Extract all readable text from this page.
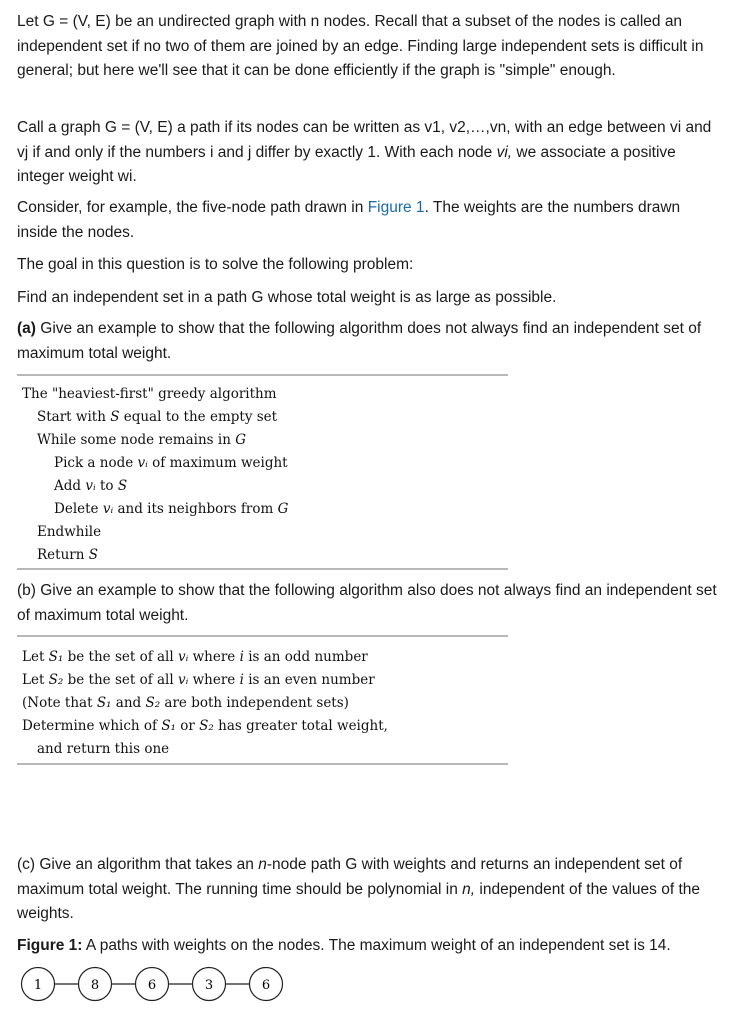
Let G = (V, E) be an undirected graph with n nodes. Recall that a subset of the nodes is called an independent set if no two of them are joined by an edge. Finding large independent sets is difficult in general; but here we'll see that it can be done efficiently if the graph is "simple" enough.

Call a graph G = (V, E) a path if its nodes can be written as v1, v2,…,vn, with an edge between vi and vj if and only if the numbers i and j differ by exactly 1. With each node vi, we associate a positive integer weight wi.

Consider, for example, the five-node path drawn in Figure 1. The weights are the numbers drawn inside the nodes.

The goal in this question is to solve the following problem:

Find an independent set in a path G whose total weight is as large as possible.

(a) Give an example to show that the following algorithm does not always find an independent set of maximum total weight.

The "heaviest-first" greedy algorithm
Start with S equal to the empty set
While some node remains in G
Pick a node vᵢ of maximum weight
Add vᵢ to S
Delete vᵢ and its neighbors from G
Endwhile
Return S

(b) Give an example to show that the following algorithm also does not always find an independent set of maximum total weight.

Let S₁ be the set of all vᵢ where i is an odd number
Let S₂ be the set of all vᵢ where i is an even number
(Note that S₁ and S₂ are both independent sets)
Determine which of S₁ or S₂ has greater total weight,
and return this one

(c) Give an algorithm that takes an n-node path G with weights and returns an independent set of maximum total weight. The running time should be polynomial in n, independent of the values of the weights.

Figure 1: A paths with weights on the nodes. The maximum weight of an independent set is 14.

1	8	6	3	6
